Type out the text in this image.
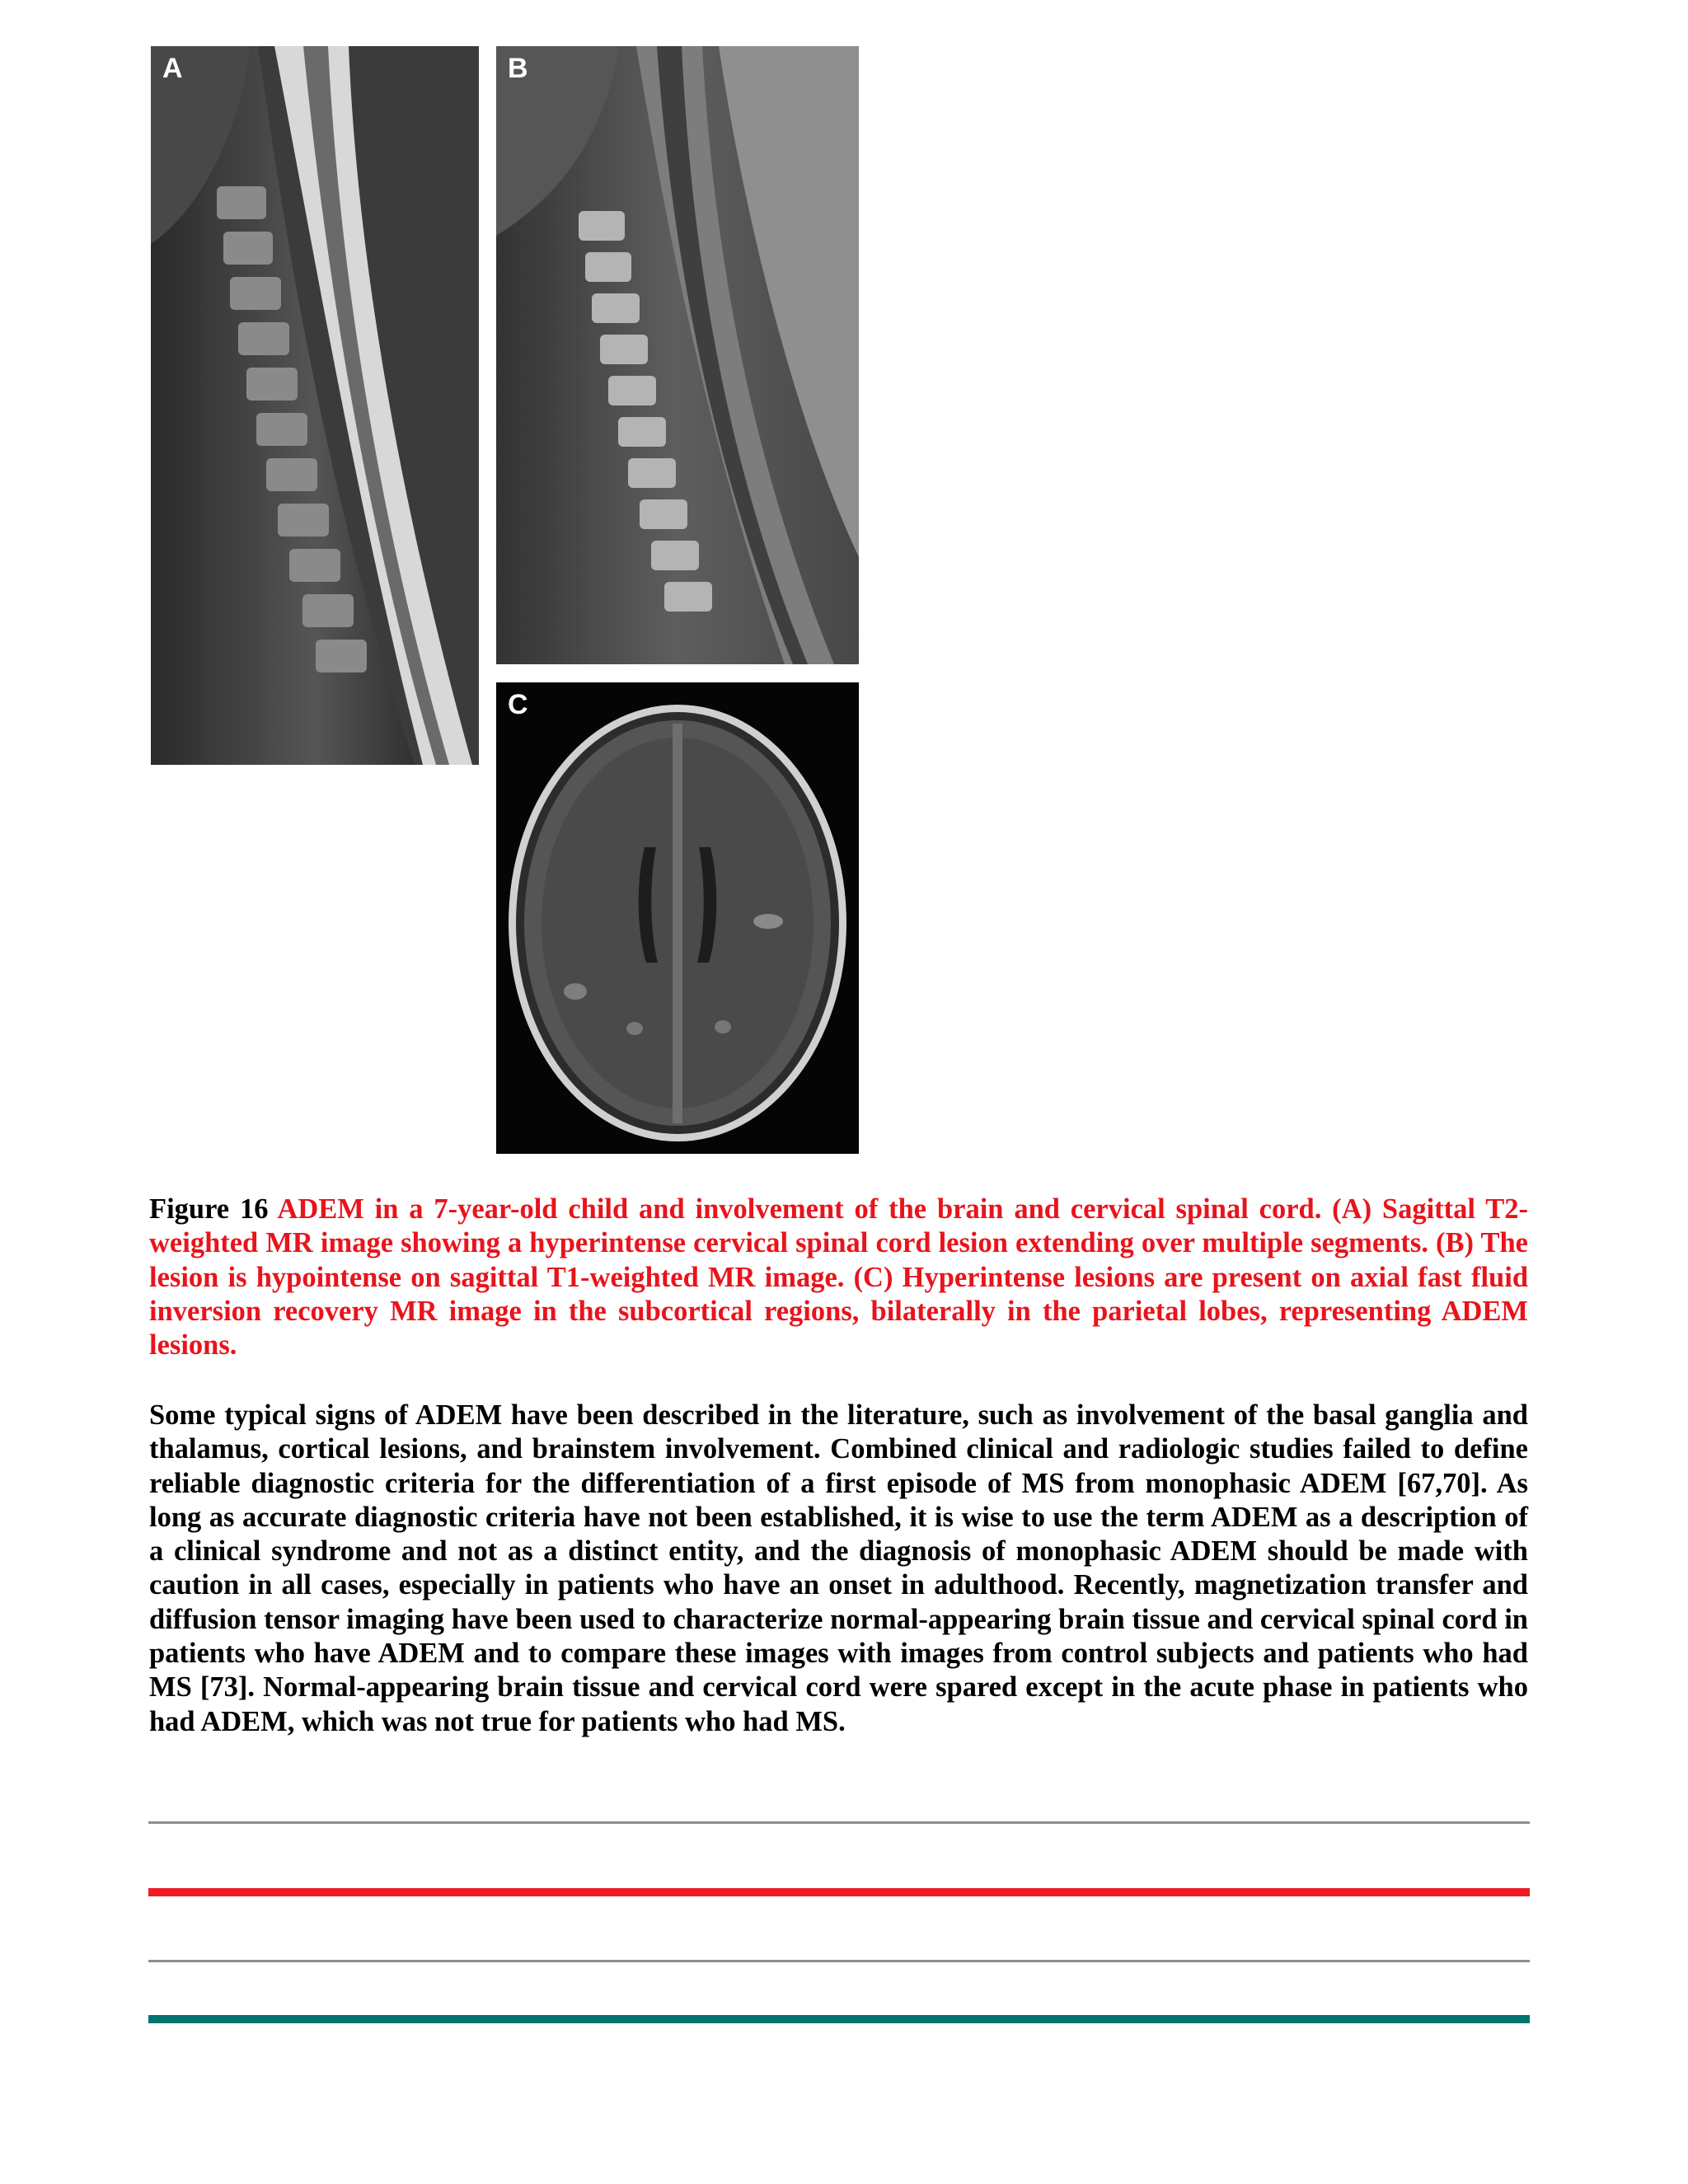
A	B
C

Figure 16 ADEM in a 7-year-old child and involvement of the brain and cervical spinal cord. (A) Sagittal T2-weighted MR image showing a hyperintense cervical spinal cord lesion extending over multiple segments. (B) The lesion is hypointense on sagittal T1-weighted MR image. (C) Hyperintense lesions are present on axial fast fluid inversion recovery MR image in the subcortical regions, bilaterally in the parietal lobes, representing ADEM lesions.

Some typical signs of ADEM have been described in the literature, such as involvement of the basal ganglia and thalamus, cortical lesions, and brainstem involvement. Combined clinical and radiologic studies failed to define reliable diagnostic criteria for the differentiation of a first episode of MS from monophasic ADEM [67,70]. As long as accurate diagnostic criteria have not been established, it is wise to use the term ADEM as a description of a clinical syndrome and not as a distinct entity, and the diagnosis of monophasic ADEM should be made with caution in all cases, especially in patients who have an onset in adulthood. Recently, magnetization transfer and diffusion tensor imaging have been used to characterize normal-appearing brain tissue and cervical spinal cord in patients who have ADEM and to compare these images with images from control subjects and patients who had MS [73]. Normal-appearing brain tissue and cervical cord were spared except in the acute phase in patients who had ADEM, which was not true for patients who had MS.
